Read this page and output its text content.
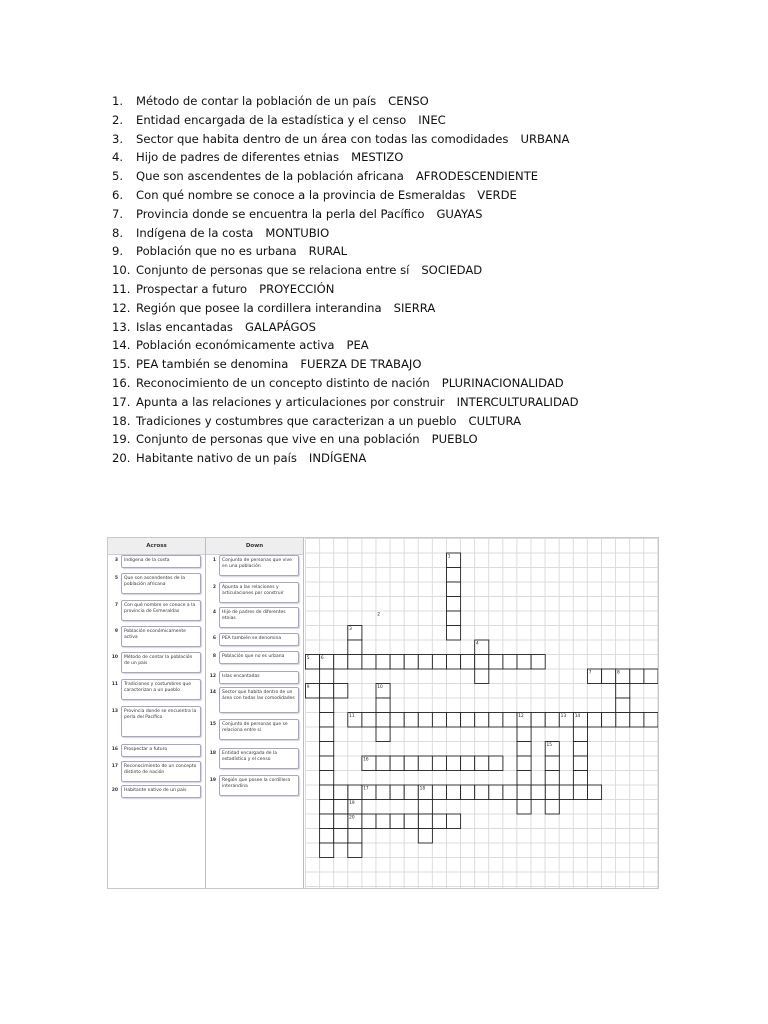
1. Método de contar la población de un país CENSO
2. Entidad encargada de la estadística y el censo INEC
3. Sector que habita dentro de un área con todas las comodidades URBANA
4. Hijo de padres de diferentes etnias MESTIZO
5. Que son ascendentes de la población africana AFRODESCENDIENTE
6. Con qué nombre se conoce a la provincia de Esmeraldas VERDE
7. Provincia donde se encuentra la perla del Pacífico GUAYAS
8. Indígena de la costa MONTUBIO
9. Población que no es urbana RURAL
10. Conjunto de personas que se relaciona entre sí SOCIEDAD
11. Prospectar a futuro PROYECCIÓN
12. Región que posee la cordillera interandina SIERRA
13. Islas encantadas GALAPÁGOS
14. Población económicamente activa PEA
15. PEA también se denomina FUERZA DE TRABAJO
16. Reconocimiento de un concepto distinto de nación PLURINACIONALIDAD
17. Apunta a las relaciones y articulaciones por construir INTERCULTURALIDAD
18. Tradiciones y costumbres que caracterizan a un pueblo CULTURA
19. Conjunto de personas que vive en una población PUEBLO
20. Habitante nativo de un país INDÍGENA
Across
3	Indígena de la costa
5	Que son ascendentes de la población africana
7	Con qué nombre se conoce a la provincia de Esmeraldas
9	Población económicamente activa
10	Método de contar la población de un país
11	Tradiciones y costumbres que caracterizan a un pueblo
13	Provincia donde se encuentra la perla del Pacífico
16	Prospectar a futuro
17	Reconocimiento de un concepto distinto de nación
20	Habitante nativo de un país
Down
1	Conjunto de personas que vive en una población
2	Apunta a las relaciones y articulaciones por construir
4	Hijo de padres de diferentes etnias
6	PEA también se denomina
8	Población que no es urbana
12	Islas encantadas
14	Sector que habita dentro de un área con todas las comodidades
15	Conjunto de personas que se relaciona entre sí
18	Entidad encargada de la estadística y el censo
19	Región que posee la cordillera interandina
1
2
3
4
5	6
7	8
9	10
11	12	13 14
15
16
17	18
19
20
